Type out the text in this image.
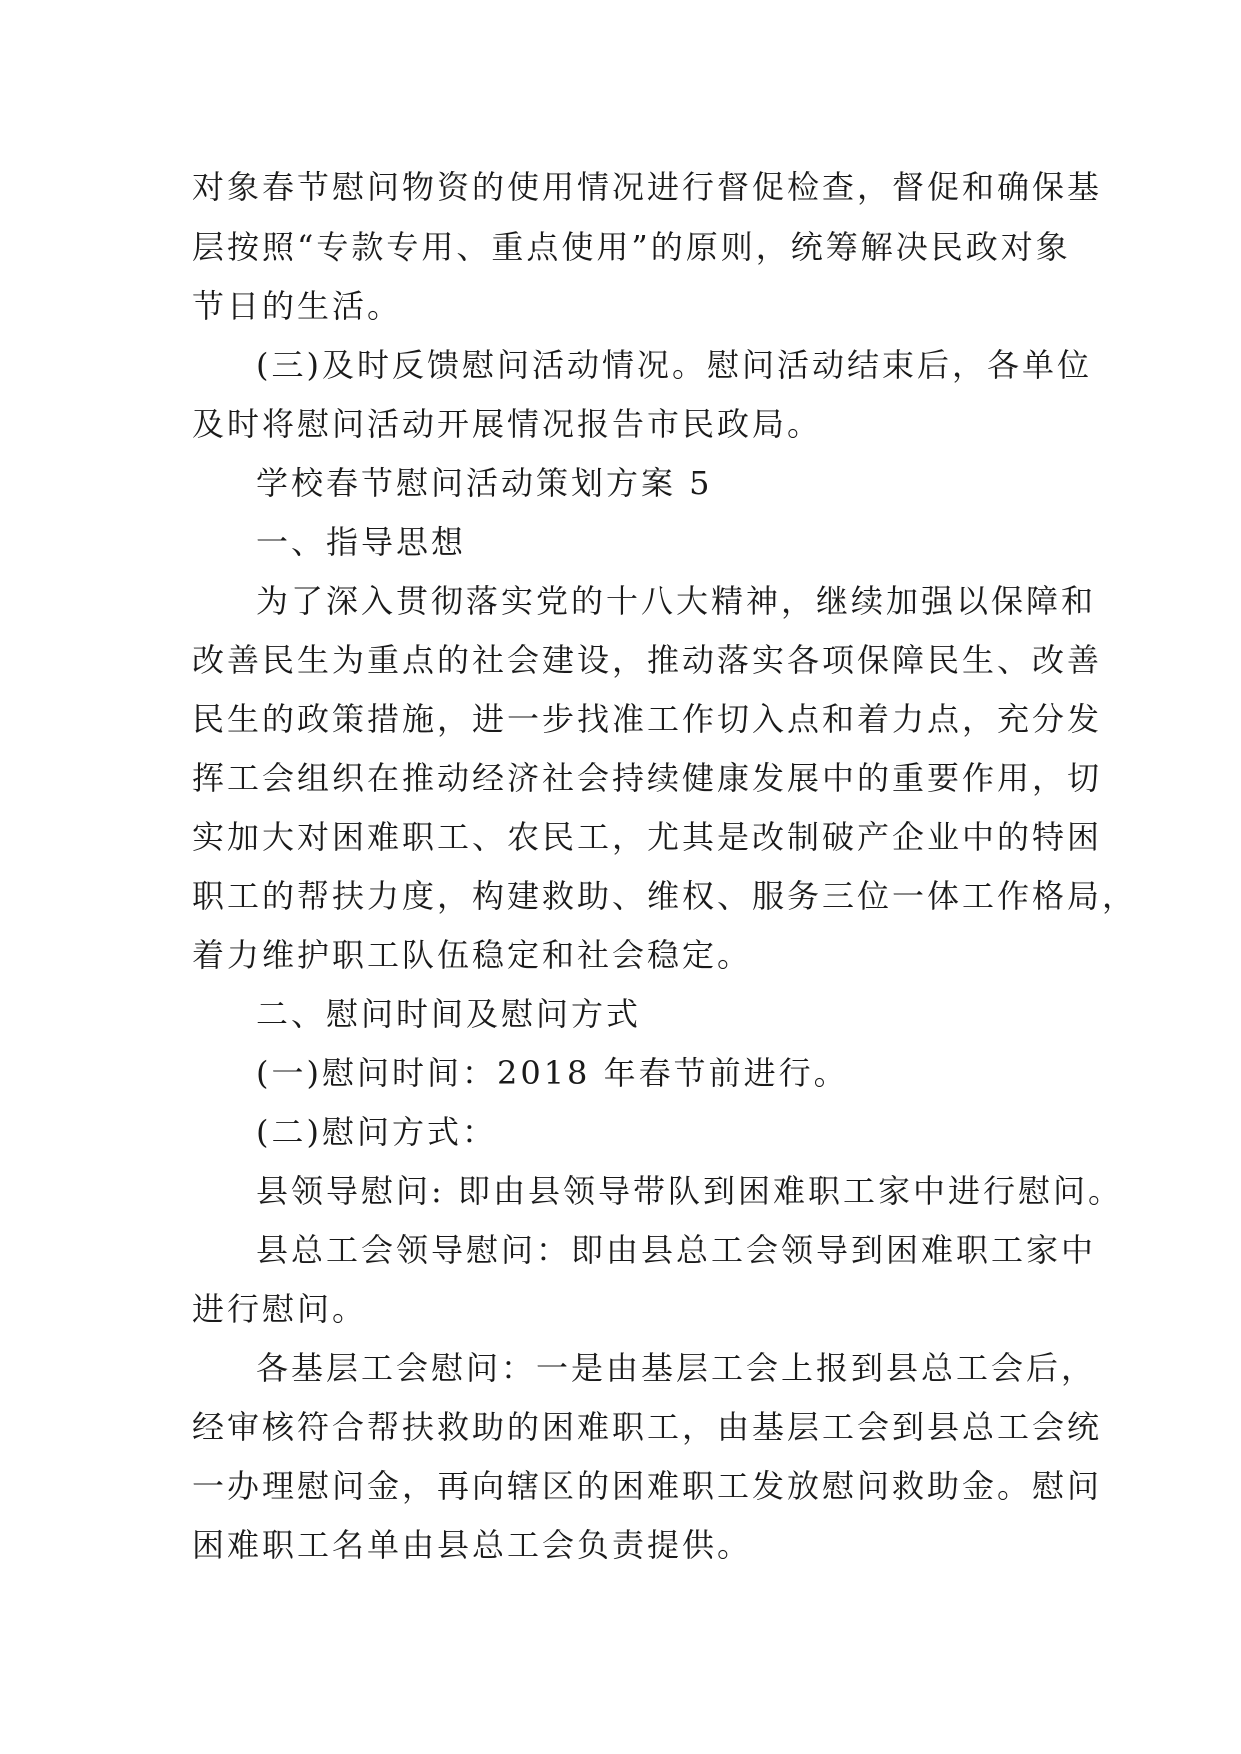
对象春节慰问物资的使用情况进行督促检查，督促和确保基
层按照“专款专用、重点使用”的原则，统筹解决民政对象
节日的生活。
(三)及时反馈慰问活动情况。慰问活动结束后，各单位
及时将慰问活动开展情况报告市民政局。
学校春节慰问活动策划方案 5
一、指导思想
为了深入贯彻落实党的十八大精神，继续加强以保障和
改善民生为重点的社会建设，推动落实各项保障民生、改善
民生的政策措施，进一步找准工作切入点和着力点，充分发
挥工会组织在推动经济社会持续健康发展中的重要作用，切
实加大对困难职工、农民工，尤其是改制破产企业中的特困
职工的帮扶力度，构建救助、维权、服务三位一体工作格局，
着力维护职工队伍稳定和社会稳定。
二、慰问时间及慰问方式
(一)慰问时间：2018 年春节前进行。
(二)慰问方式：
县领导慰问: 即由县领导带队到困难职工家中进行慰问。
县总工会领导慰问：即由县总工会领导到困难职工家中
进行慰问。
各基层工会慰问：一是由基层工会上报到县总工会后，
经审核符合帮扶救助的困难职工，由基层工会到县总工会统
一办理慰问金，再向辖区的困难职工发放慰问救助金。慰问
困难职工名单由县总工会负责提供。
